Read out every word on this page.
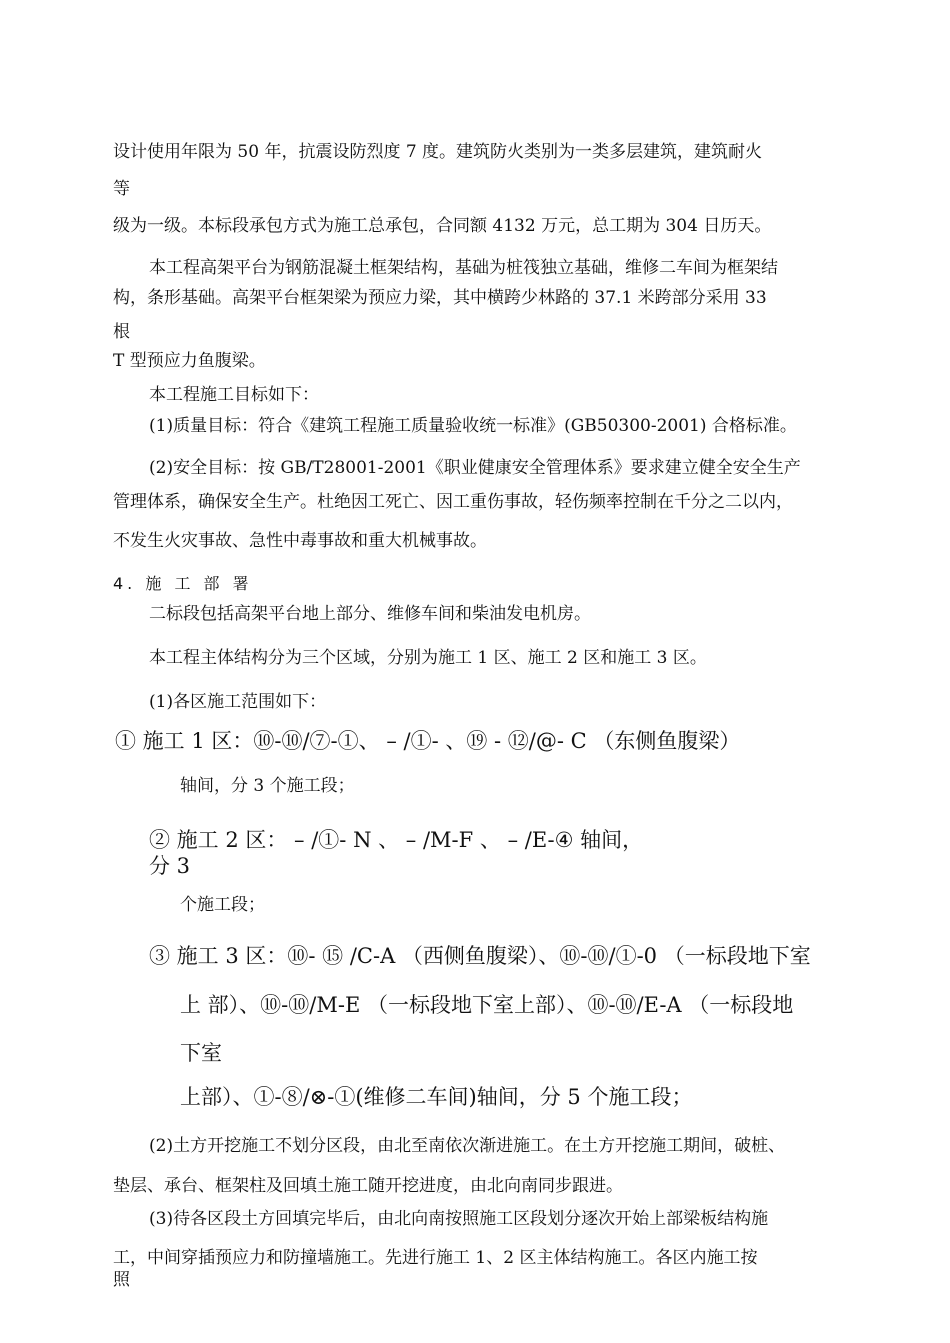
设计使用年限为 50 年，抗震设防烈度 7 度。建筑防火类别为一类多层建筑，建筑耐火
等
级为一级。本标段承包方式为施工总承包，合同额 4132 万元，总工期为 304 日历天。
本工程高架平台为钢筋混凝土框架结构，基础为桩筏独立基础，维修二车间为框架结
构，条形基础。高架平台框架梁为预应力梁，其中横跨少林路的 37.1 米跨部分采用 33
根
T 型预应力鱼腹梁。
本工程施工目标如下：
(1)质量目标：符合《建筑工程施工质量验收统一标准》(GB50300-2001) 合格标准。
(2)安全目标：按 GB/T28001-2001《职业健康安全管理体系》要求建立健全安全生产
管理体系，确保安全生产。杜绝因工死亡、因工重伤事故，轻伤频率控制在千分之二以内，
不发生火灾事故、急性中毒事故和重大机械事故。
4. 施 工 部 署
二标段包括高架平台地上部分、维修车间和柴油发电机房。
本工程主体结构分为三个区域，分别为施工 1 区、施工 2 区和施工 3 区。
(1)各区施工范围如下：
① 施工 1 区：⑩-⑩/⑦-①、 – /①- 、⑲ - ⑫/@- C （东侧鱼腹梁）
轴间，分 3 个施工段；
② 施工 2 区： – /①- N 、 – /M-F 、 – /E-④ 轴间，
分 3
个施工段；
③ 施工 3 区：⑩- ⑮ /C-A （西侧鱼腹梁）、⑩-⑩/①-0 （一标段地下室
上 部）、⑩-⑩/M-E （一标段地下室上部）、⑩-⑩/E-A （一标段地
下室
上部）、①-⑧/⊗-①(维修二车间)轴间，分 5 个施工段；
(2)土方开挖施工不划分区段，由北至南依次渐进施工。在土方开挖施工期间，破桩、
垫层、承台、框架柱及回填土施工随开挖进度，由北向南同步跟进。
(3)待各区段土方回填完毕后，由北向南按照施工区段划分逐次开始上部梁板结构施
工，中间穿插预应力和防撞墙施工。先进行施工 1、2 区主体结构施工。各区内施工按
照
